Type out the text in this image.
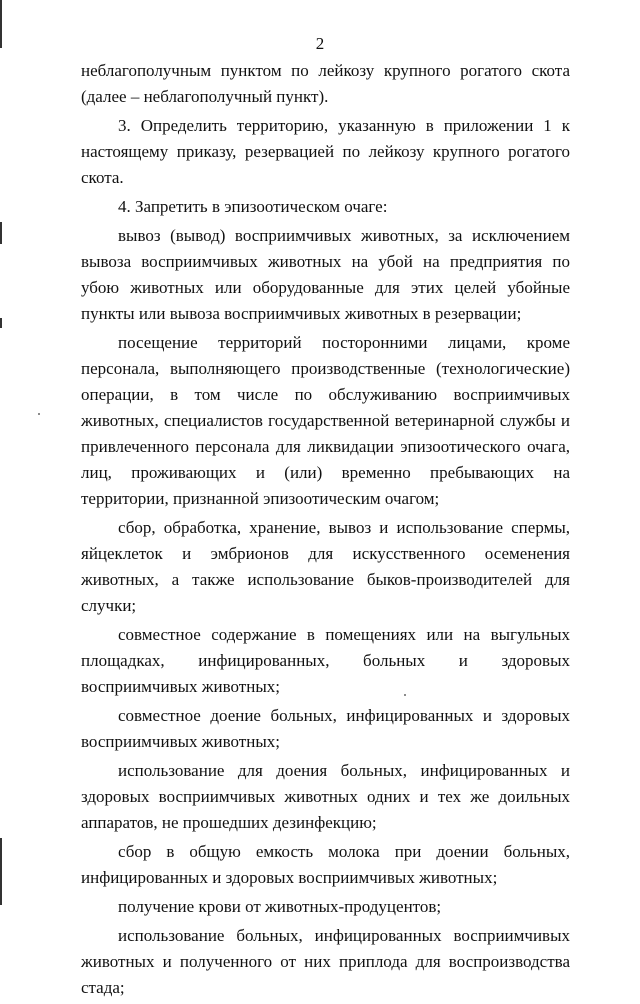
2

неблагополучным пунктом по лейкозу крупного рогатого скота (далее – неблагополучный пункт).

3. Определить территорию, указанную в приложении 1 к настоящему приказу, резервацией по лейкозу крупного рогатого скота.

4. Запретить в эпизоотическом очаге:

вывоз (вывод) восприимчивых животных, за исключением вывоза восприимчивых животных на убой на предприятия по убою животных или оборудованные для этих целей убойные пункты или вывоза восприимчивых животных в резервации;

посещение территорий посторонними лицами, кроме персонала, выполняющего производственные (технологические) операции, в том числе по обслуживанию восприимчивых животных, специалистов государственной ветеринарной службы и привлеченного персонала для ликвидации эпизоотического очага, лиц, проживающих и (или) временно пребывающих на территории, признанной эпизоотическим очагом;

сбор, обработка, хранение, вывоз и использование спермы, яйцеклеток и эмбрионов для искусственного осеменения животных, а также использование быков-производителей для случки;

совместное содержание в помещениях или на выгульных площадках, инфицированных, больных и здоровых восприимчивых животных;

совместное доение больных, инфицированных и здоровых восприимчивых животных;

использование для доения больных, инфицированных и здоровых восприимчивых животных одних и тех же доильных аппаратов, не прошедших дезинфекцию;

сбор в общую емкость молока при доении больных, инфицированных и здоровых восприимчивых животных;

получение крови от животных-продуцентов;

использование больных, инфицированных восприимчивых животных и полученного от них приплода для воспроизводства стада;
